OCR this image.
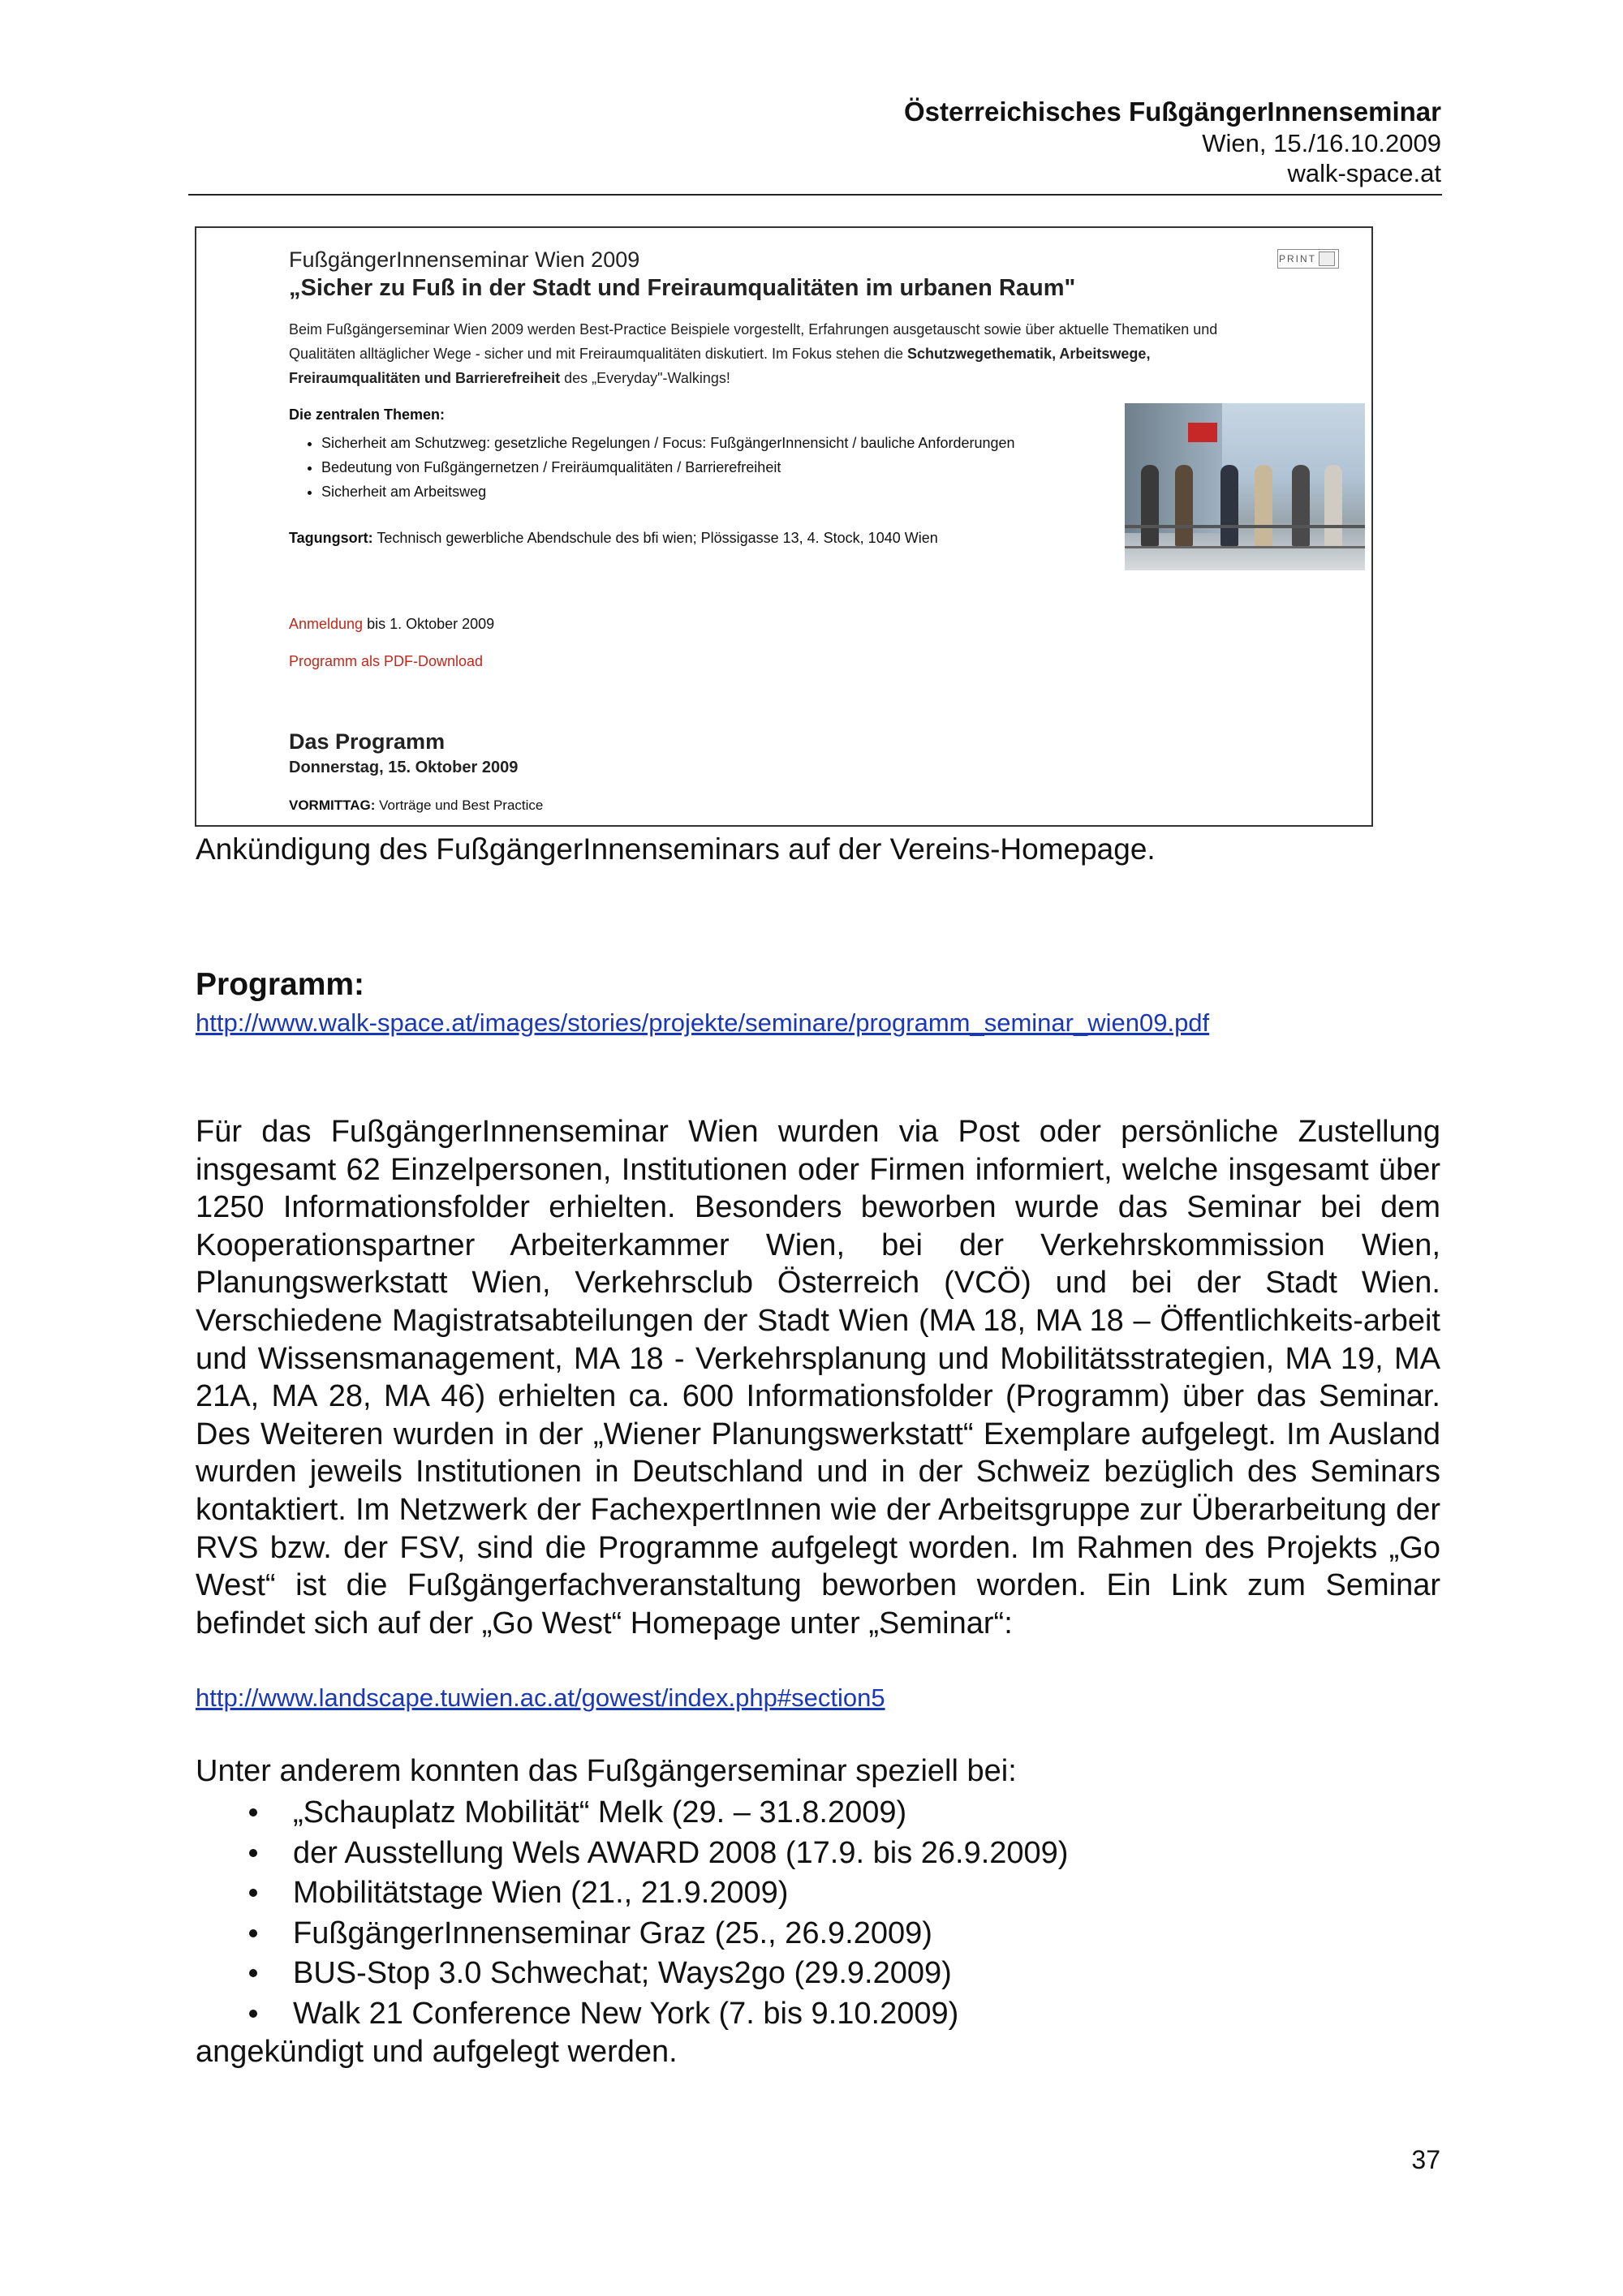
Österreichisches FußgängerInnenseminar
Wien, 15./16.10.2009
walk-space.at
FußgängerInnenseminar Wien 2009
„Sicher zu Fuß in der Stadt und Freiraumqualitäten im urbanen Raum"
PRINT
Beim Fußgängerseminar Wien 2009 werden Best-Practice Beispiele vorgestellt, Erfahrungen ausgetauscht sowie über aktuelle Thematiken und Qualitäten alltäglicher Wege - sicher und mit Freiraumqualitäten diskutiert. Im Fokus stehen die Schutzwegethematik, Arbeitswege, Freiraumqualitäten und Barrierefreiheit des „Everyday"-Walkings!
Die zentralen Themen:
• Sicherheit am Schutzweg: gesetzliche Regelungen / Focus: FußgängerInnensicht / bauliche Anforderungen
• Bedeutung von Fußgängernetzen / Freiräumqualitäten / Barrierefreiheit
• Sicherheit am Arbeitsweg
Tagungsort: Technisch gewerbliche Abendschule des bfi wien; Plössigasse 13, 4. Stock, 1040 Wien
Anmeldung bis 1. Oktober 2009
Programm als PDF-Download
Das Programm
Donnerstag, 15. Oktober 2009
VORMITTAG: Vorträge und Best Practice
Ankündigung des FußgängerInnenseminars auf der Vereins-Homepage.
Programm:
http://www.walk-space.at/images/stories/projekte/seminare/programm_seminar_wien09.pdf
Für das FußgängerInnenseminar Wien wurden via Post oder persönliche Zustellung insgesamt 62 Einzelpersonen, Institutionen oder Firmen informiert, welche insgesamt über 1250 Informationsfolder erhielten. Besonders beworben wurde das Seminar bei dem Kooperationspartner Arbeiterkammer Wien, bei der Verkehrskommission Wien, Planungswerkstatt Wien, Verkehrsclub Österreich (VCÖ) und bei der Stadt Wien. Verschiedene Magistratsabteilungen der Stadt Wien (MA 18, MA 18 – Öffentlichkeits-arbeit und Wissensmanagement, MA 18 - Verkehrsplanung und Mobilitätsstrategien, MA 19, MA 21A, MA 28, MA 46) erhielten ca. 600 Informationsfolder (Programm) über das Seminar. Des Weiteren wurden in der „Wiener Planungswerkstatt“ Exemplare aufgelegt. Im Ausland wurden jeweils Institutionen in Deutschland und in der Schweiz bezüglich des Seminars kontaktiert. Im Netzwerk der FachexpertInnen wie der Arbeitsgruppe zur Überarbeitung der RVS bzw. der FSV, sind die Programme aufgelegt worden. Im Rahmen des Projekts „Go West“ ist die Fußgängerfachveranstaltung beworben worden. Ein Link zum Seminar befindet sich auf der „Go West“ Homepage unter „Seminar“:
http://www.landscape.tuwien.ac.at/gowest/index.php#section5
Unter anderem konnten das Fußgängerseminar speziell bei:
„Schauplatz Mobilität“ Melk (29. – 31.8.2009)
der Ausstellung Wels AWARD 2008 (17.9. bis 26.9.2009)
Mobilitätstage Wien (21., 21.9.2009)
FußgängerInnenseminar Graz (25., 26.9.2009)
BUS-Stop 3.0 Schwechat; Ways2go (29.9.2009)
Walk 21 Conference New York (7. bis 9.10.2009)
angekündigt und aufgelegt werden.
37
